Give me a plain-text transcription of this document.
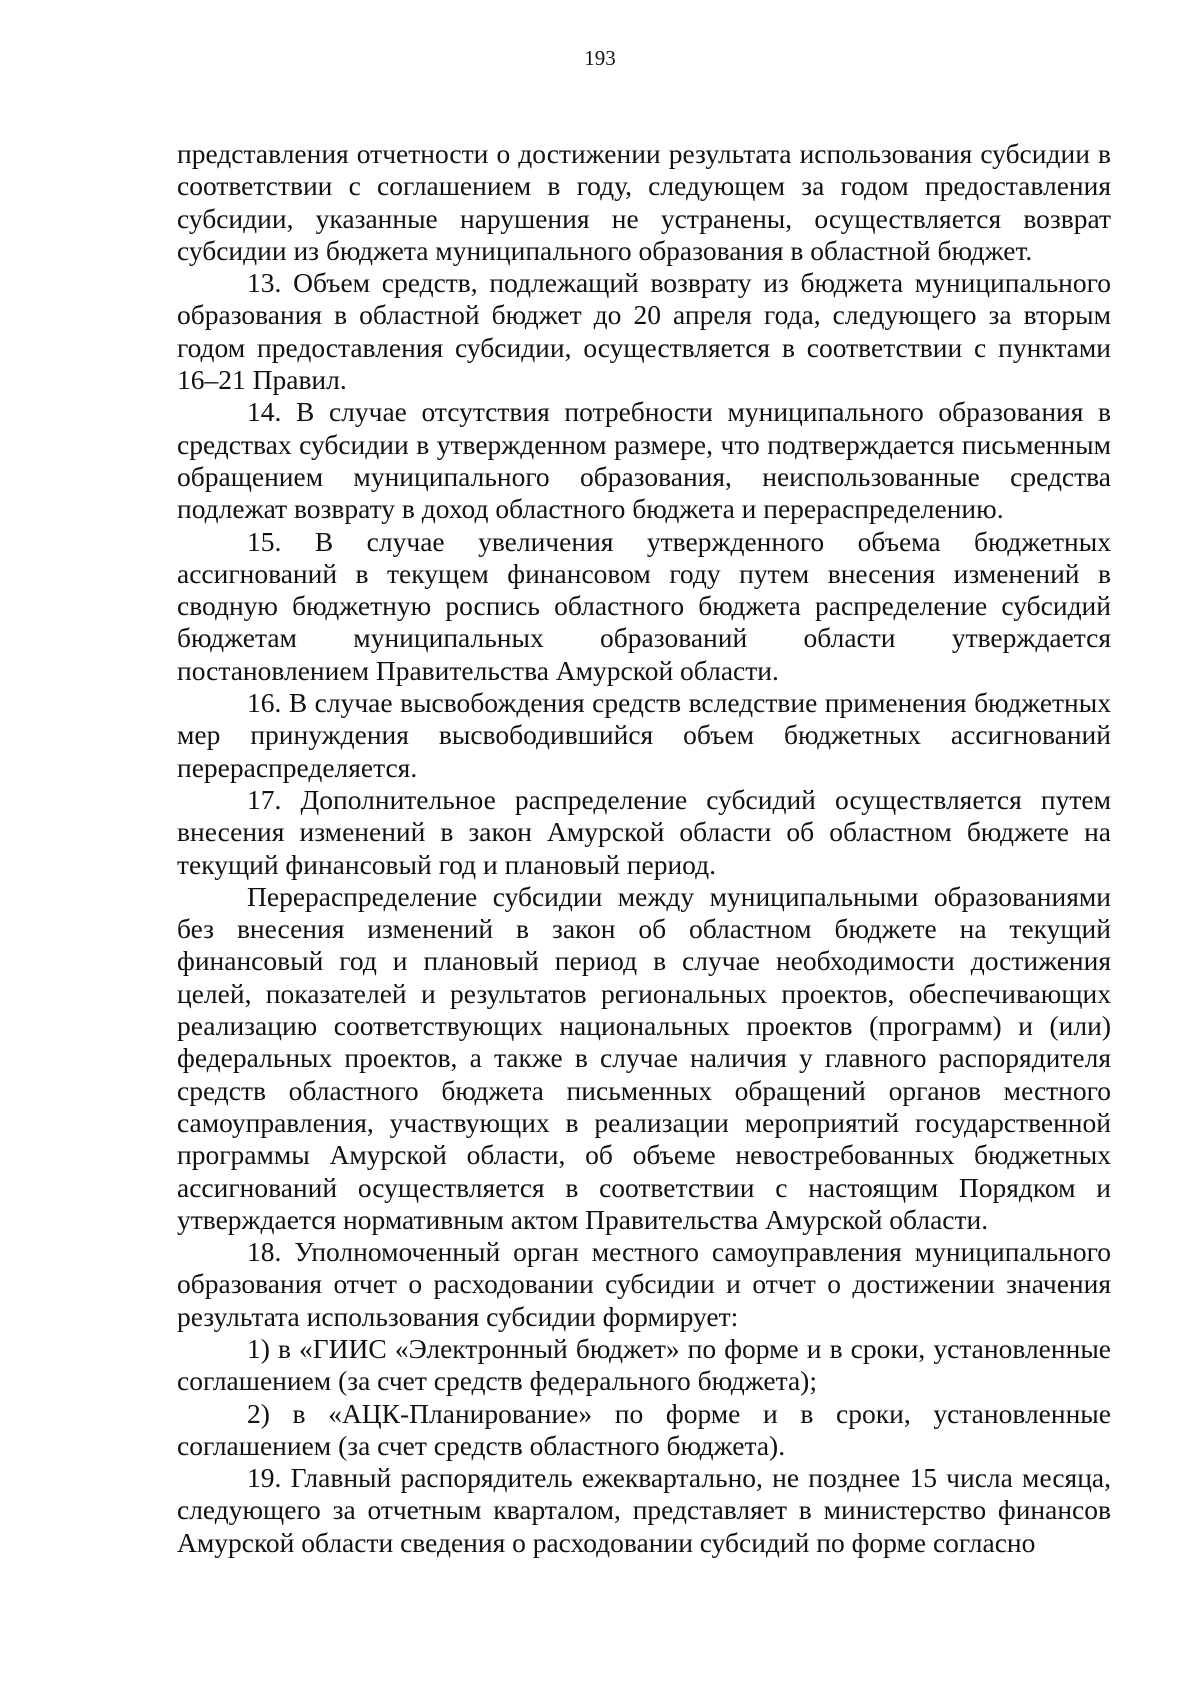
193

представления отчетности о достижении результата использования субсидии в соответствии с соглашением в году, следующем за годом предоставления субсидии, указанные нарушения не устранены, осуществляется возврат субсидии из бюджета муниципального образования в областной бюджет.

13. Объем средств, подлежащий возврату из бюджета муниципального образования в областной бюджет до 20 апреля года, следующего за вторым годом предоставления субсидии, осуществляется в соответствии с пунктами 16–21 Правил.

14. В случае отсутствия потребности муниципального образования в средствах субсидии в утвержденном размере, что подтверждается письменным обращением муниципального образования, неиспользованные средства подлежат возврату в доход областного бюджета и перераспределению.

15. В случае увеличения утвержденного объема бюджетных ассигнований в текущем финансовом году путем внесения изменений в сводную бюджетную роспись областного бюджета распределение субсидий бюджетам муниципальных образований области утверждается постановлением Правительства Амурской области.

16. В случае высвобождения средств вследствие применения бюджетных мер принуждения высвободившийся объем бюджетных ассигнований перераспределяется.

17. Дополнительное распределение субсидий осуществляется путем внесения изменений в закон Амурской области об областном бюджете на текущий финансовый год и плановый период.

Перераспределение субсидии между муниципальными образованиями без внесения изменений в закон об областном бюджете на текущий финансовый год и плановый период в случае необходимости достижения целей, показателей и результатов региональных проектов, обеспечивающих реализацию соответствующих национальных проектов (программ) и (или) федеральных проектов, а также в случае наличия у главного распорядителя средств областного бюджета письменных обращений органов местного самоуправления, участвующих в реализации мероприятий государственной программы Амурской области, об объеме невостребованных бюджетных ассигнований осуществляется в соответствии с настоящим Порядком и утверждается нормативным актом Правительства Амурской области.

18. Уполномоченный орган местного самоуправления муниципального образования отчет о расходовании субсидии и отчет о достижении значения результата использования субсидии формирует:

1) в «ГИИС «Электронный бюджет» по форме и в сроки, установленные соглашением (за счет средств федерального бюджета);

2) в «АЦК-Планирование» по форме и в сроки, установленные соглашением (за счет средств областного бюджета).

19. Главный распорядитель ежеквартально, не позднее 15 числа месяца, следующего за отчетным кварталом, представляет в министерство финансов Амурской области сведения о расходовании субсидий по форме согласно
